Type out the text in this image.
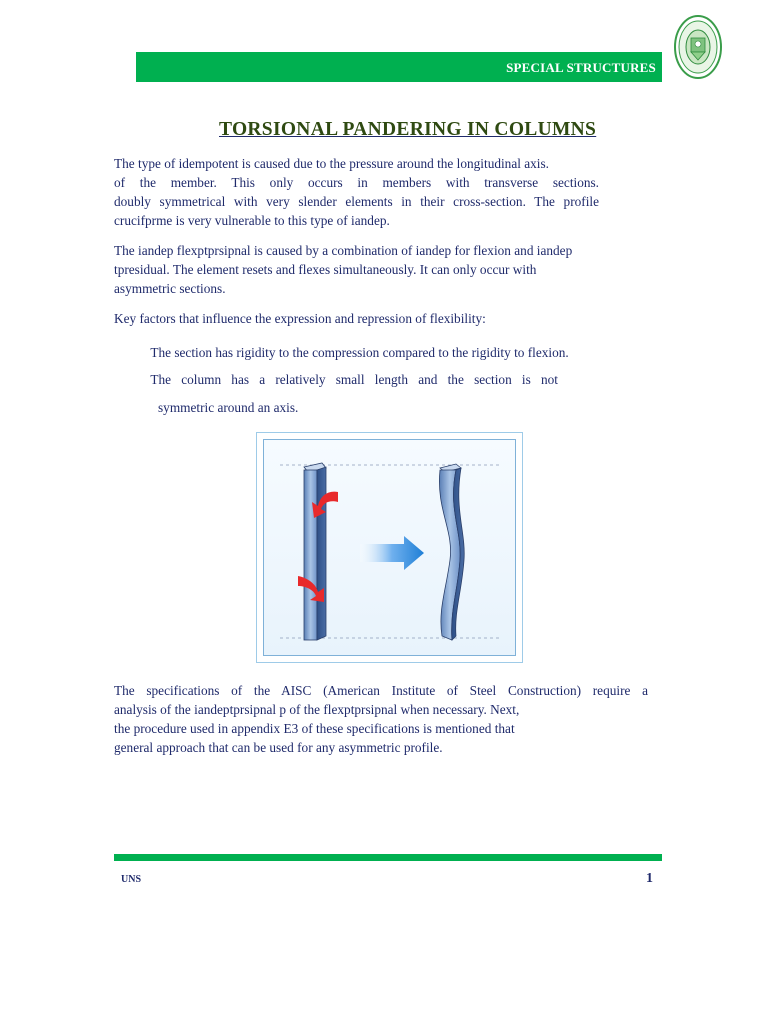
SPECIAL STRUCTURES
TORSIONAL PANDERING IN COLUMNS
The type of idempotent is caused due to the pressure around the longitudinal axis.
of the member. This only occurs in members with transverse sections.
doubly symmetrical with very slender elements in their cross-section. The profile
crucifprme is very vulnerable to this type of iandep.
The iandep flexptprsipnal is caused by a combination of iandep for flexion and iandep
tpresidual. The element resets and flexes simultaneously. It can only occur with
asymmetric sections.
Key factors that influence the expression and repression of flexibility:
The section has rigidity to the compression compared to the rigidity to flexion.
The column has a relatively small length and the section is not
symmetric around an axis.
The specifications of the AISC (American Institute of Steel Construction) require a
analysis of the iandeptprsipnal p of the flexptprsipnal when necessary. Next,
the procedure used in appendix E3 of these specifications is mentioned that
general approach that can be used for any asymmetric profile.
UNS	1
